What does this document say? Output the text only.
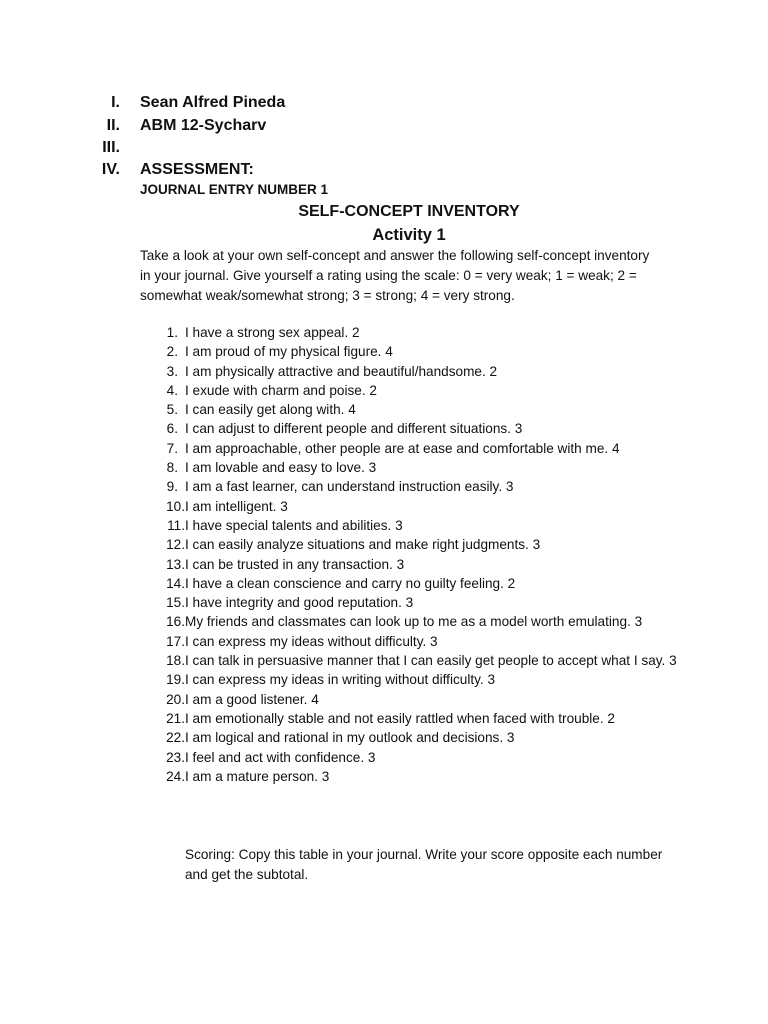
I. Sean Alfred Pineda
II. ABM 12-Sycharv
III.
IV. ASSESSMENT:
JOURNAL ENTRY NUMBER 1
SELF-CONCEPT INVENTORY
Activity 1
Take a look at your own self-concept and answer the following self-concept inventory in your journal. Give yourself a rating using the scale: 0 = very weak; 1 = weak; 2 = somewhat weak/somewhat strong; 3 = strong; 4 = very strong.
1. I have a strong sex appeal. 2
2. I am proud of my physical figure. 4
3. I am physically attractive and beautiful/handsome. 2
4. I exude with charm and poise. 2
5. I can easily get along with. 4
6. I can adjust to different people and different situations. 3
7. I am approachable, other people are at ease and comfortable with me. 4
8. I am lovable and easy to love. 3
9. I am a fast learner, can understand instruction easily. 3
10. I am intelligent. 3
11. I have special talents and abilities. 3
12. I can easily analyze situations and make right judgments. 3
13. I can be trusted in any transaction. 3
14. I have a clean conscience and carry no guilty feeling. 2
15. I have integrity and good reputation. 3
16. My friends and classmates can look up to me as a model worth emulating. 3
17. I can express my ideas without difficulty. 3
18. I can talk in persuasive manner that I can easily get people to accept what I say. 3
19. I can express my ideas in writing without difficulty. 3
20. I am a good listener. 4
21. I am emotionally stable and not easily rattled when faced with trouble. 2
22. I am logical and rational in my outlook and decisions. 3
23. I feel and act with confidence. 3
24. I am a mature person. 3
Scoring: Copy this table in your journal. Write your score opposite each number and get the subtotal.
